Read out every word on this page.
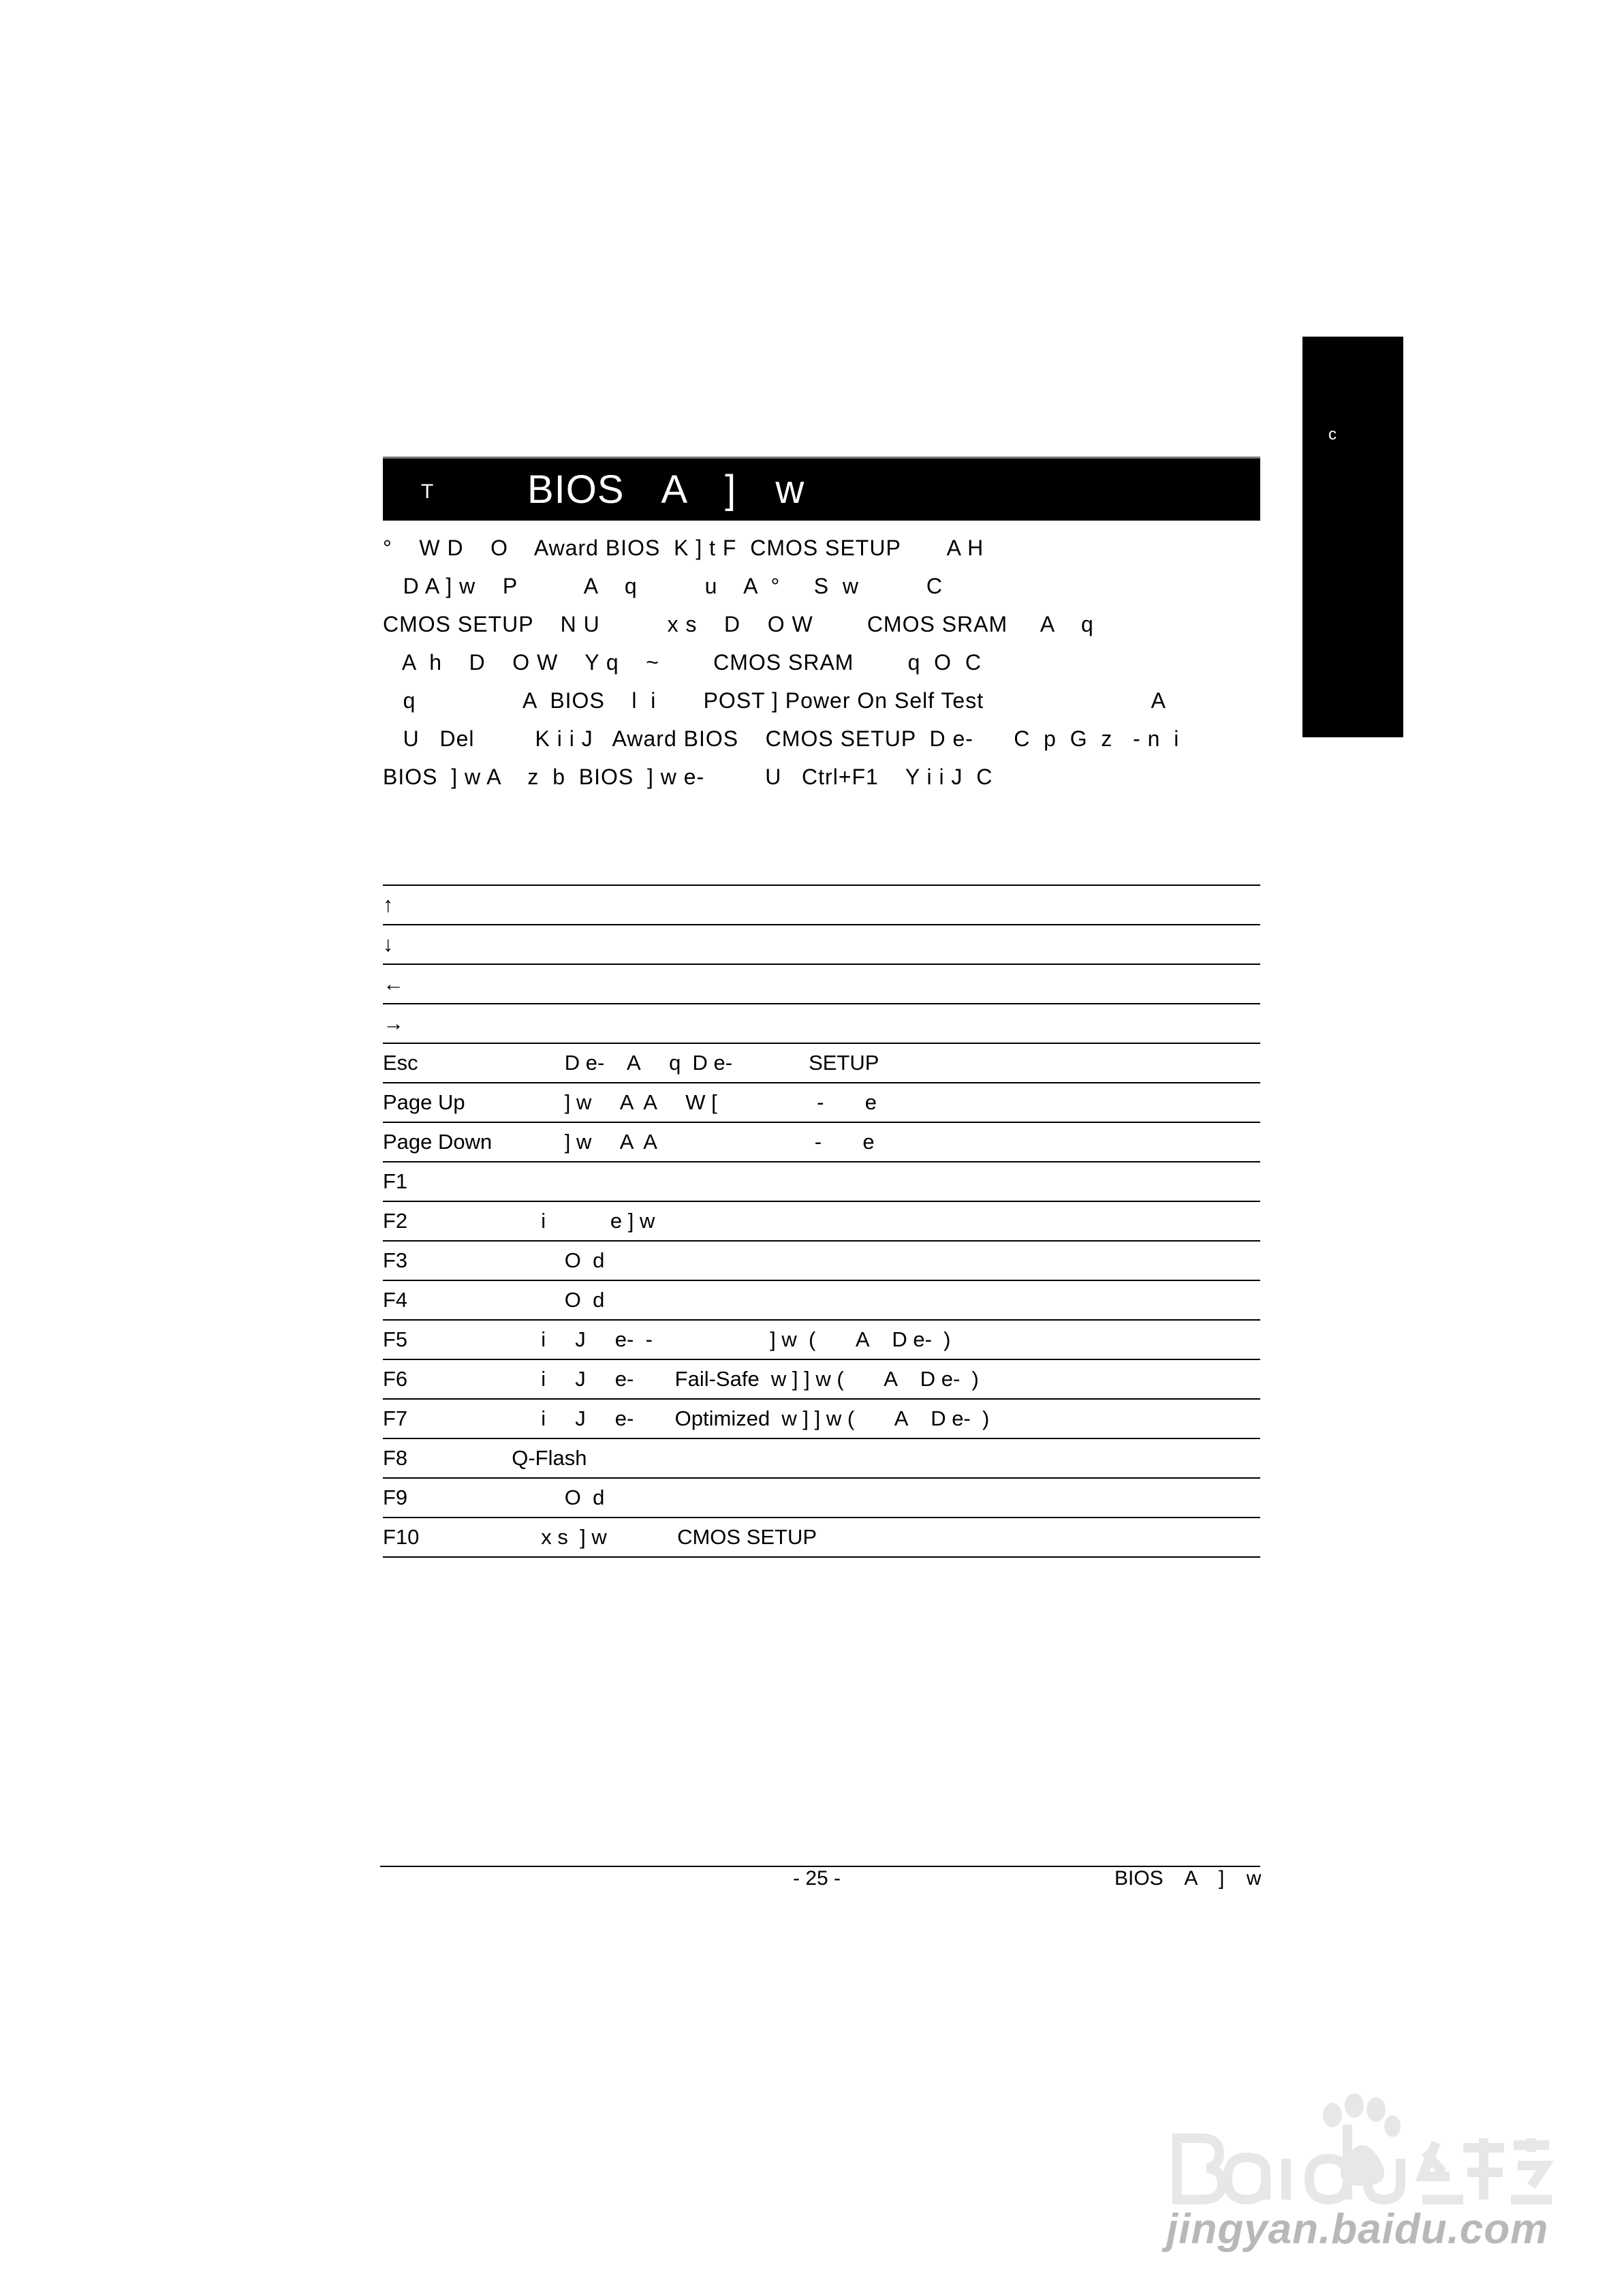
c
T BIOS A ] w

°    W D    O    Award BIOS  K ] t F  CMOS SETUP       A H

D A ] w    P          A    q          u    A  °     S  w          C

CMOS SETUP    N U          x s    D    O W        CMOS SRAM     A    q

A  h    D    O W    Y q    ~        CMOS SRAM        q  O  C

q                A  BIOS    l  i       POST ] Power On Self Test                         A

U   Del         K i i J   Award BIOS    CMOS SETUP  D e-      C  p  G  z   - n  i

BIOS  ] w A    z  b  BIOS  ] w e-         U   Ctrl+F1    Y i i J  C

↑	
↓	
←	
→	
Esc	D e-    A     q  D e-             SETUP
Page Up	] w     A  A     W [                 -       e
Page Down	] w     A  A                           -       e
F1	
F2	i           e ] w
F3	O  d
F4	O  d
F5	i     J     e-  -                    ] w  (       A    D e-  )
F6	i     J     e-       Fail-Safe  w ] ] w (       A    D e-  )
F7	i     J     e-       Optimized  w ] ] w (       A    D e-  )
F8	Q-Flash
F9	O  d
F10	x s  ] w            CMOS SETUP
- 25 -	BIOS A ] w
jingyan.baidu.com
